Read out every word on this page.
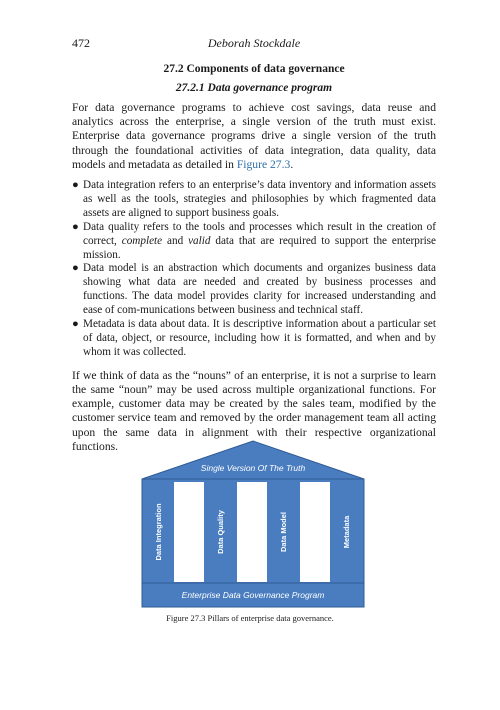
472	Deborah Stockdale
27.2 Components of data governance
27.2.1 Data governance program

For data governance programs to achieve cost savings, data reuse and analytics across the enterprise, a single version of the truth must exist. Enterprise data governance programs drive a single version of the truth through the foundational activities of data integration, data quality, data models and metadata as detailed in Figure 27.3.

● Data integration refers to an enterprise’s data inventory and information assets as well as the tools, strategies and philosophies by which fragmented data assets are aligned to support business goals.
● Data quality refers to the tools and processes which result in the creation of correct, complete and valid data that are required to support the enterprise mission.
● Data model is an abstraction which documents and organizes business data showing what data are needed and created by business processes and functions. The data model provides clarity for increased understanding and ease of com-munications between business and technical staff.
● Metadata is data about data. It is descriptive information about a particular set of data, object, or resource, including how it is formatted, and when and by whom it was collected.

If we think of data as the “nouns” of an enterprise, it is not a surprise to learn the same “noun” may be used across multiple organizational functions. For example, customer data may be created by the sales team, modified by the customer service team and removed by the order management team all acting upon the same data in alignment with their respective organizational functions.

Single Version Of The Truth
Data Integration	Data Quality	Data Model	Metadata
Enterprise Data Governance Program
Figure 27.3 Pillars of enterprise data governance.
